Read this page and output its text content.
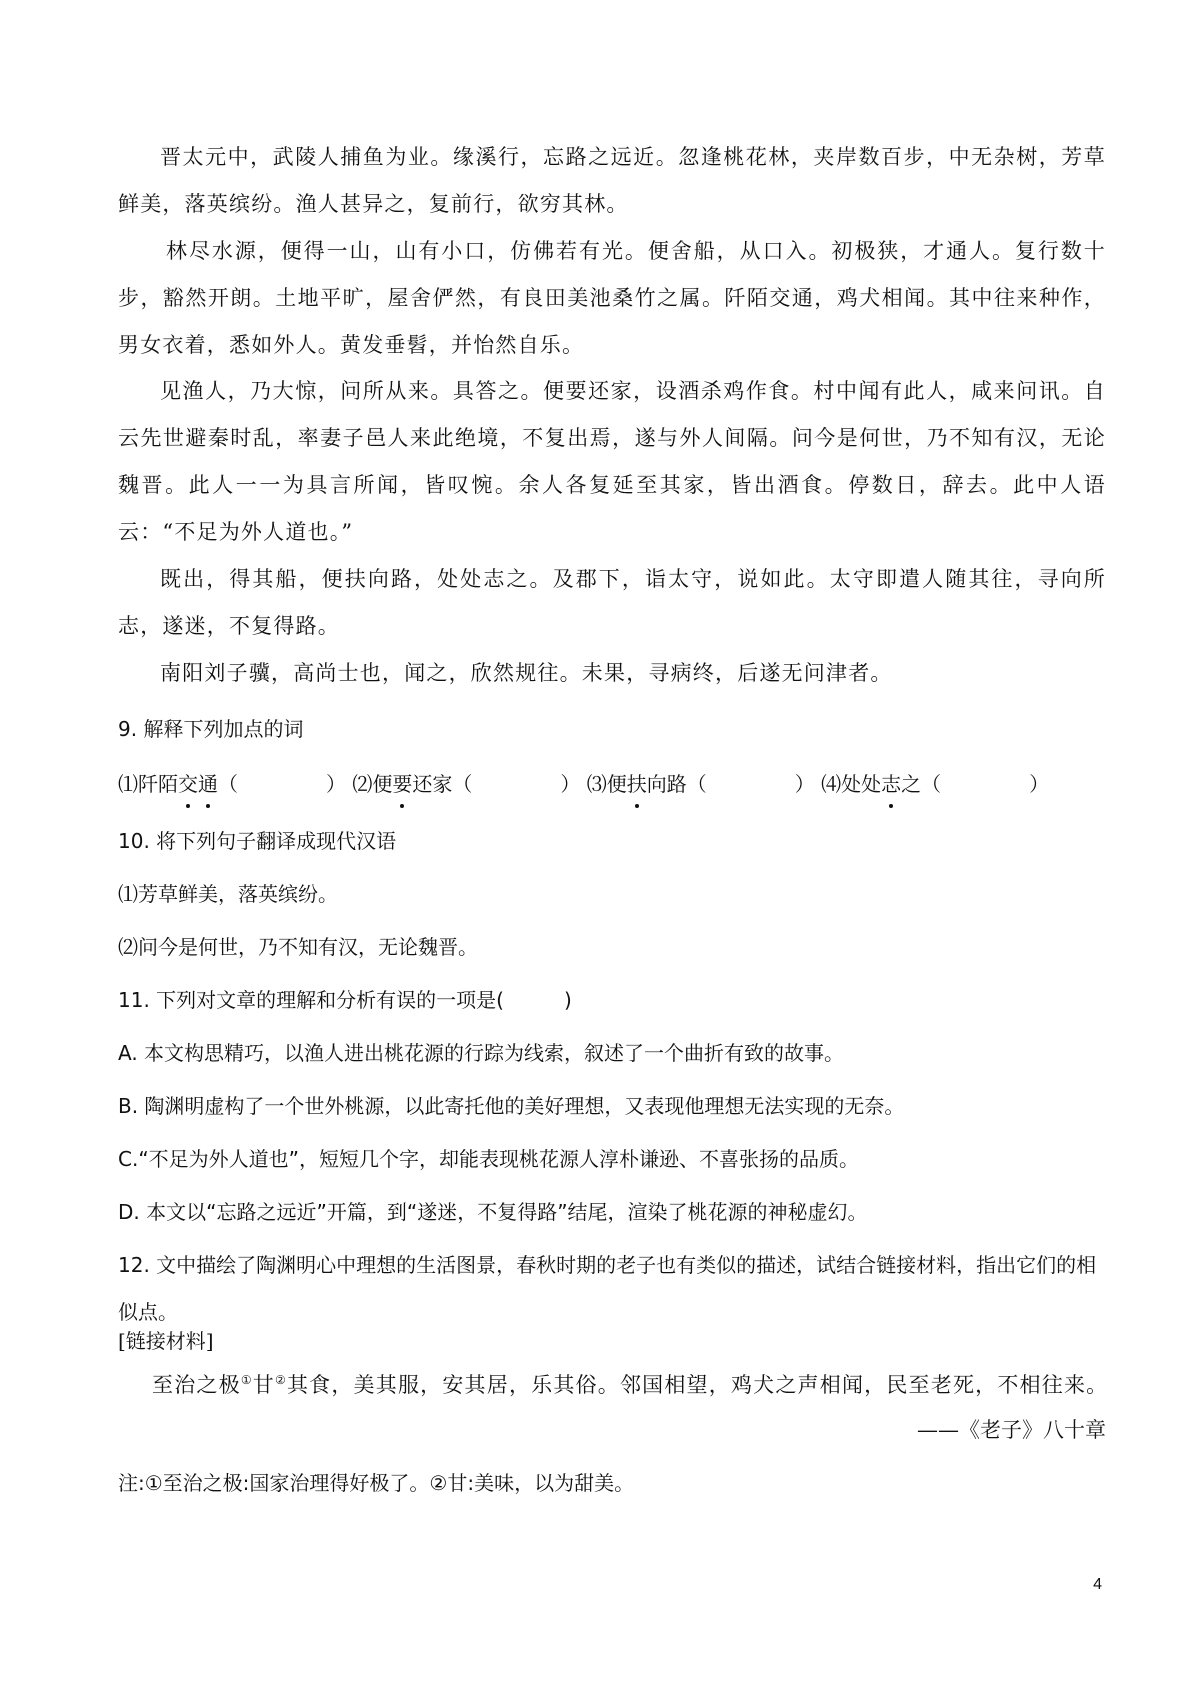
晋太元中，武陵人捕鱼为业。缘溪行，忘路之远近。忽逢桃花林，夹岸数百步，中无杂树，芳草鲜美，落英缤纷。渔人甚异之，复前行，欲穷其林。

林尽水源，便得一山，山有小口，仿佛若有光。便舍船，从口入。初极狭，才通人。复行数十步，豁然开朗。土地平旷，屋舍俨然，有良田美池桑竹之属。阡陌交通，鸡犬相闻。其中往来种作，男女衣着，悉如外人。黄发垂髫，并怡然自乐。

见渔人，乃大惊，问所从来。具答之。便要还家，设酒杀鸡作食。村中闻有此人，咸来问讯。自云先世避秦时乱，率妻子邑人来此绝境，不复出焉，遂与外人间隔。问今是何世，乃不知有汉，无论魏晋。此人一一为具言所闻，皆叹惋。余人各复延至其家，皆出酒食。停数日，辞去。此中人语云：“不足为外人道也。”

既出，得其船，便扶向路，处处志之。及郡下，诣太守，说如此。太守即遣人随其往，寻向所志，遂迷，不复得路。

南阳刘子骥，高尚士也，闻之，欣然规往。未果，寻病终，后遂无问津者。

9. 解释下列加点的词

⑴阡陌交通（	） ⑵便要还家（	） ⑶便扶向路（	） ⑷处处志之（	）

10. 将下列句子翻译成现代汉语

⑴芳草鲜美，落英缤纷。

⑵问今是何世，乃不知有汉，无论魏晋。

11. 下列对文章的理解和分析有误的一项是(　　　)

A. 本文构思精巧，以渔人进出桃花源的行踪为线索，叙述了一个曲折有致的故事。

B. 陶渊明虚构了一个世外桃源，以此寄托他的美好理想，又表现他理想无法实现的无奈。

C.“不足为外人道也”，短短几个字，却能表现桃花源人淳朴谦逊、不喜张扬的品质。

D. 本文以“忘路之远近”开篇，到“遂迷，不复得路”结尾，渲染了桃花源的神秘虚幻。

12. 文中描绘了陶渊明心中理想的生活图景，春秋时期的老子也有类似的描述，试结合链接材料，指出它们的相似点。

[链接材料]

至治之极①甘②其食，美其服，安其居，乐其俗。邻国相望，鸡犬之声相闻，民至老死，不相往来。
——《老子》八十章
注:①至治之极:国家治理得好极了。②甘:美味，以为甜美。
4
